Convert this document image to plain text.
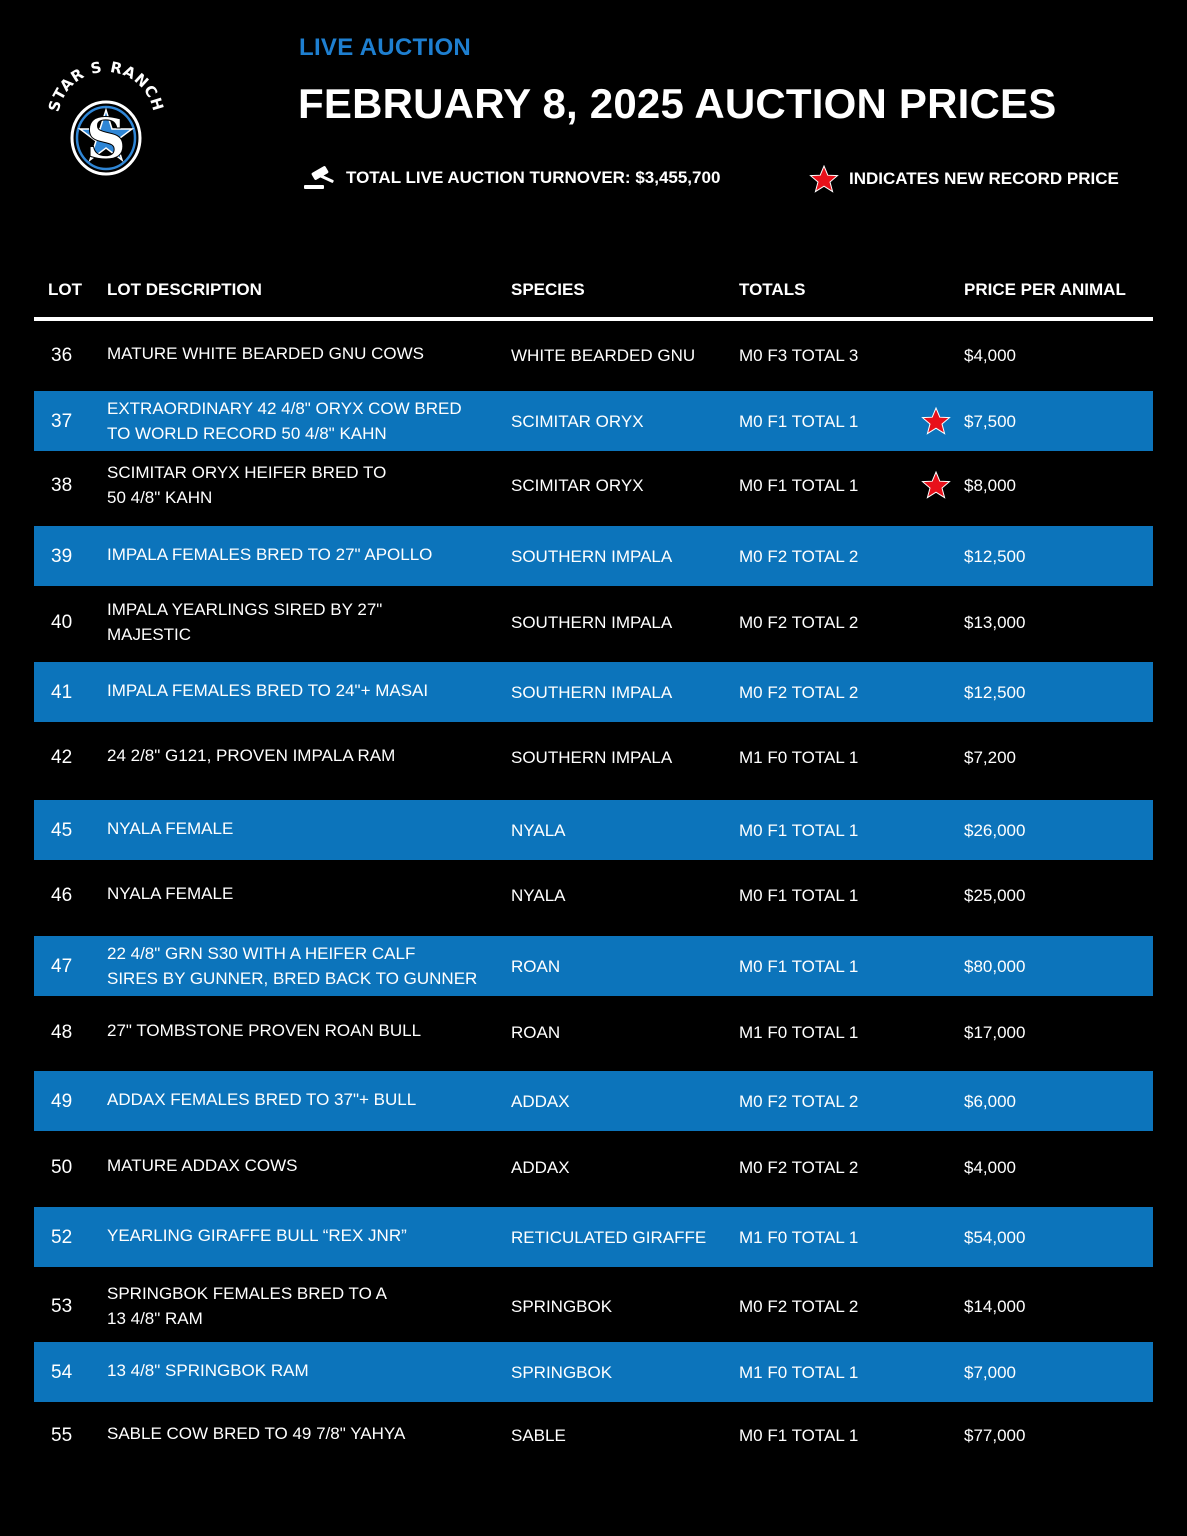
S
STAR S RANCH
LIVE AUCTION
FEBRUARY 8, 2025 AUCTION PRICES
TOTAL LIVE AUCTION TURNOVER: $3,455,700	INDICATES NEW RECORD PRICE
LOT LOT DESCRIPTION	SPECIES	TOTALS	PRICE PER ANIMAL
36 MATURE WHITE BEARDED GNU COWS	WHITE BEARDED GNU	M0 F3 TOTAL 3	$4,000
37
EXTRAORDINARY 42 4/8" ORYX COW BRED
TO WORLD RECORD 50 4/8" KAHN
SCIMITAR ORYX	M0 F1 TOTAL 1	$7,500
38
SCIMITAR ORYX HEIFER BRED TO
50 4/8" KAHN
SCIMITAR ORYX	M0 F1 TOTAL 1	$8,000
39 IMPALA FEMALES BRED TO 27" APOLLO	SOUTHERN IMPALA	M0 F2 TOTAL 2	$12,500
40
IMPALA YEARLINGS SIRED BY 27"
MAJESTIC
SOUTHERN IMPALA	M0 F2 TOTAL 2	$13,000
41 IMPALA FEMALES BRED TO 24"+ MASAI	SOUTHERN IMPALA	M0 F2 TOTAL 2	$12,500
42 24 2/8" G121, PROVEN IMPALA RAM	SOUTHERN IMPALA	M1 F0 TOTAL 1	$7,200
45 NYALA FEMALE	NYALA	M0 F1 TOTAL 1	$26,000
46 NYALA FEMALE	NYALA	M0 F1 TOTAL 1	$25,000
47
22 4/8" GRN S30 WITH A HEIFER CALF
SIRES BY GUNNER, BRED BACK TO GUNNER
ROAN	M0 F1 TOTAL 1	$80,000
48 27" TOMBSTONE PROVEN ROAN BULL	ROAN	M1 F0 TOTAL 1	$17,000
49 ADDAX FEMALES BRED TO 37"+ BULL	ADDAX	M0 F2 TOTAL 2	$6,000
50 MATURE ADDAX COWS	ADDAX	M0 F2 TOTAL 2	$4,000
52 YEARLING GIRAFFE BULL “REX JNR”	RETICULATED GIRAFFE M1 F0 TOTAL 1	$54,000
53
SPRINGBOK FEMALES BRED TO A
13 4/8" RAM
SPRINGBOK	M0 F2 TOTAL 2	$14,000
54 13 4/8" SPRINGBOK RAM	SPRINGBOK	M1 F0 TOTAL 1	$7,000
55 SABLE COW BRED TO 49 7/8" YAHYA	SABLE	M0 F1 TOTAL 1	$77,000
